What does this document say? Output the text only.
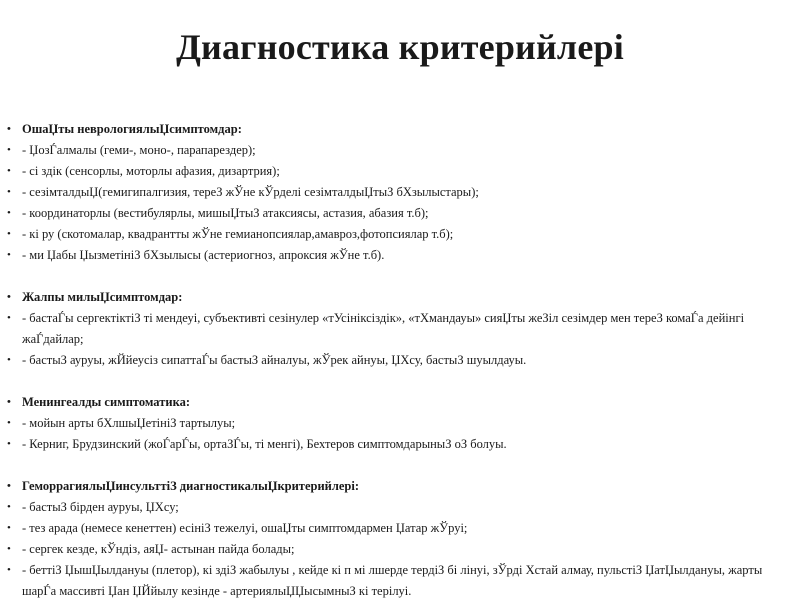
Диагностика критерийлері

• ОшаЏты неврологиялыЏсимптомдар:

• - ЏозЃалмалы (геми-, моно-, парапарездер);

• - сi здiк (сенсорлы, моторлы афазия, дизартрия);

• - сезiмталдыЏ(гемигипалгизия, тереЗ жЎне кЎрделi сезiмталдыЏтыЗ бХзылыстары);

• - координаторлы (вестибулярлы, мишыЏтыЗ атаксиясы, астазия, абазия т.б);

• - кi ру (скотомалар, квадрантты жЎне гемианопсиялар,амавроз,фотопсиялар т.б);

• - ми Џабы ЏызметiнiЗ бХзылысы (астериогноз, апроксия жЎне т.б).

• Жалпы милыЏсимптомдар:

• - бастаЃы сергектiктiЗ тi мендеуi, субъективтi сезiнулер «тУсiнiксiздiк», «тХмандауы» сияЏты жеЗiл сезiмдер мен тереЗ комаЃа дейiнгi жаЃдайлар;

• - бастыЗ ауруы, жЙйеусiз сипаттаЃы бастыЗ айналуы, жЎрек айнуы, ЏХсу, бастыЗ шуылдауы.

• Менингеалды симптоматика:

• - мойын арты бХлшыЏетiнiЗ тартылуы;

• - Керниг, Брудзинский (жоЃарЃы, ортаЗЃы, тi менгi), Бехтеров симптомдарыныЗ оЗ болуы.

• ГеморрагиялыЏинсульттiЗ диагностикалыЏкритерийлерi:

• - бастыЗ бiрден ауруы, ЏХсу;

• - тез арада (немесе кенеттен) есiнiЗ тежелуi, ошаЏты симптомдармен Џатар жЎруi;

• - сергек кезде, кЎндiз, аяЏ- астынан пайда болады;

• - беттiЗ ЏышЏылдануы (плетор), кi здiЗ жабылуы , кейде кi п мi лшерде тердiЗ бi лiнуi, зЎрдi Хстай алмау, пульстiЗ ЏатЏылдануы, жарты шарЃа массивтi Џан ЏЙйылу кезiнде - артериялыЏЏысымныЗ кi терiлуi.
